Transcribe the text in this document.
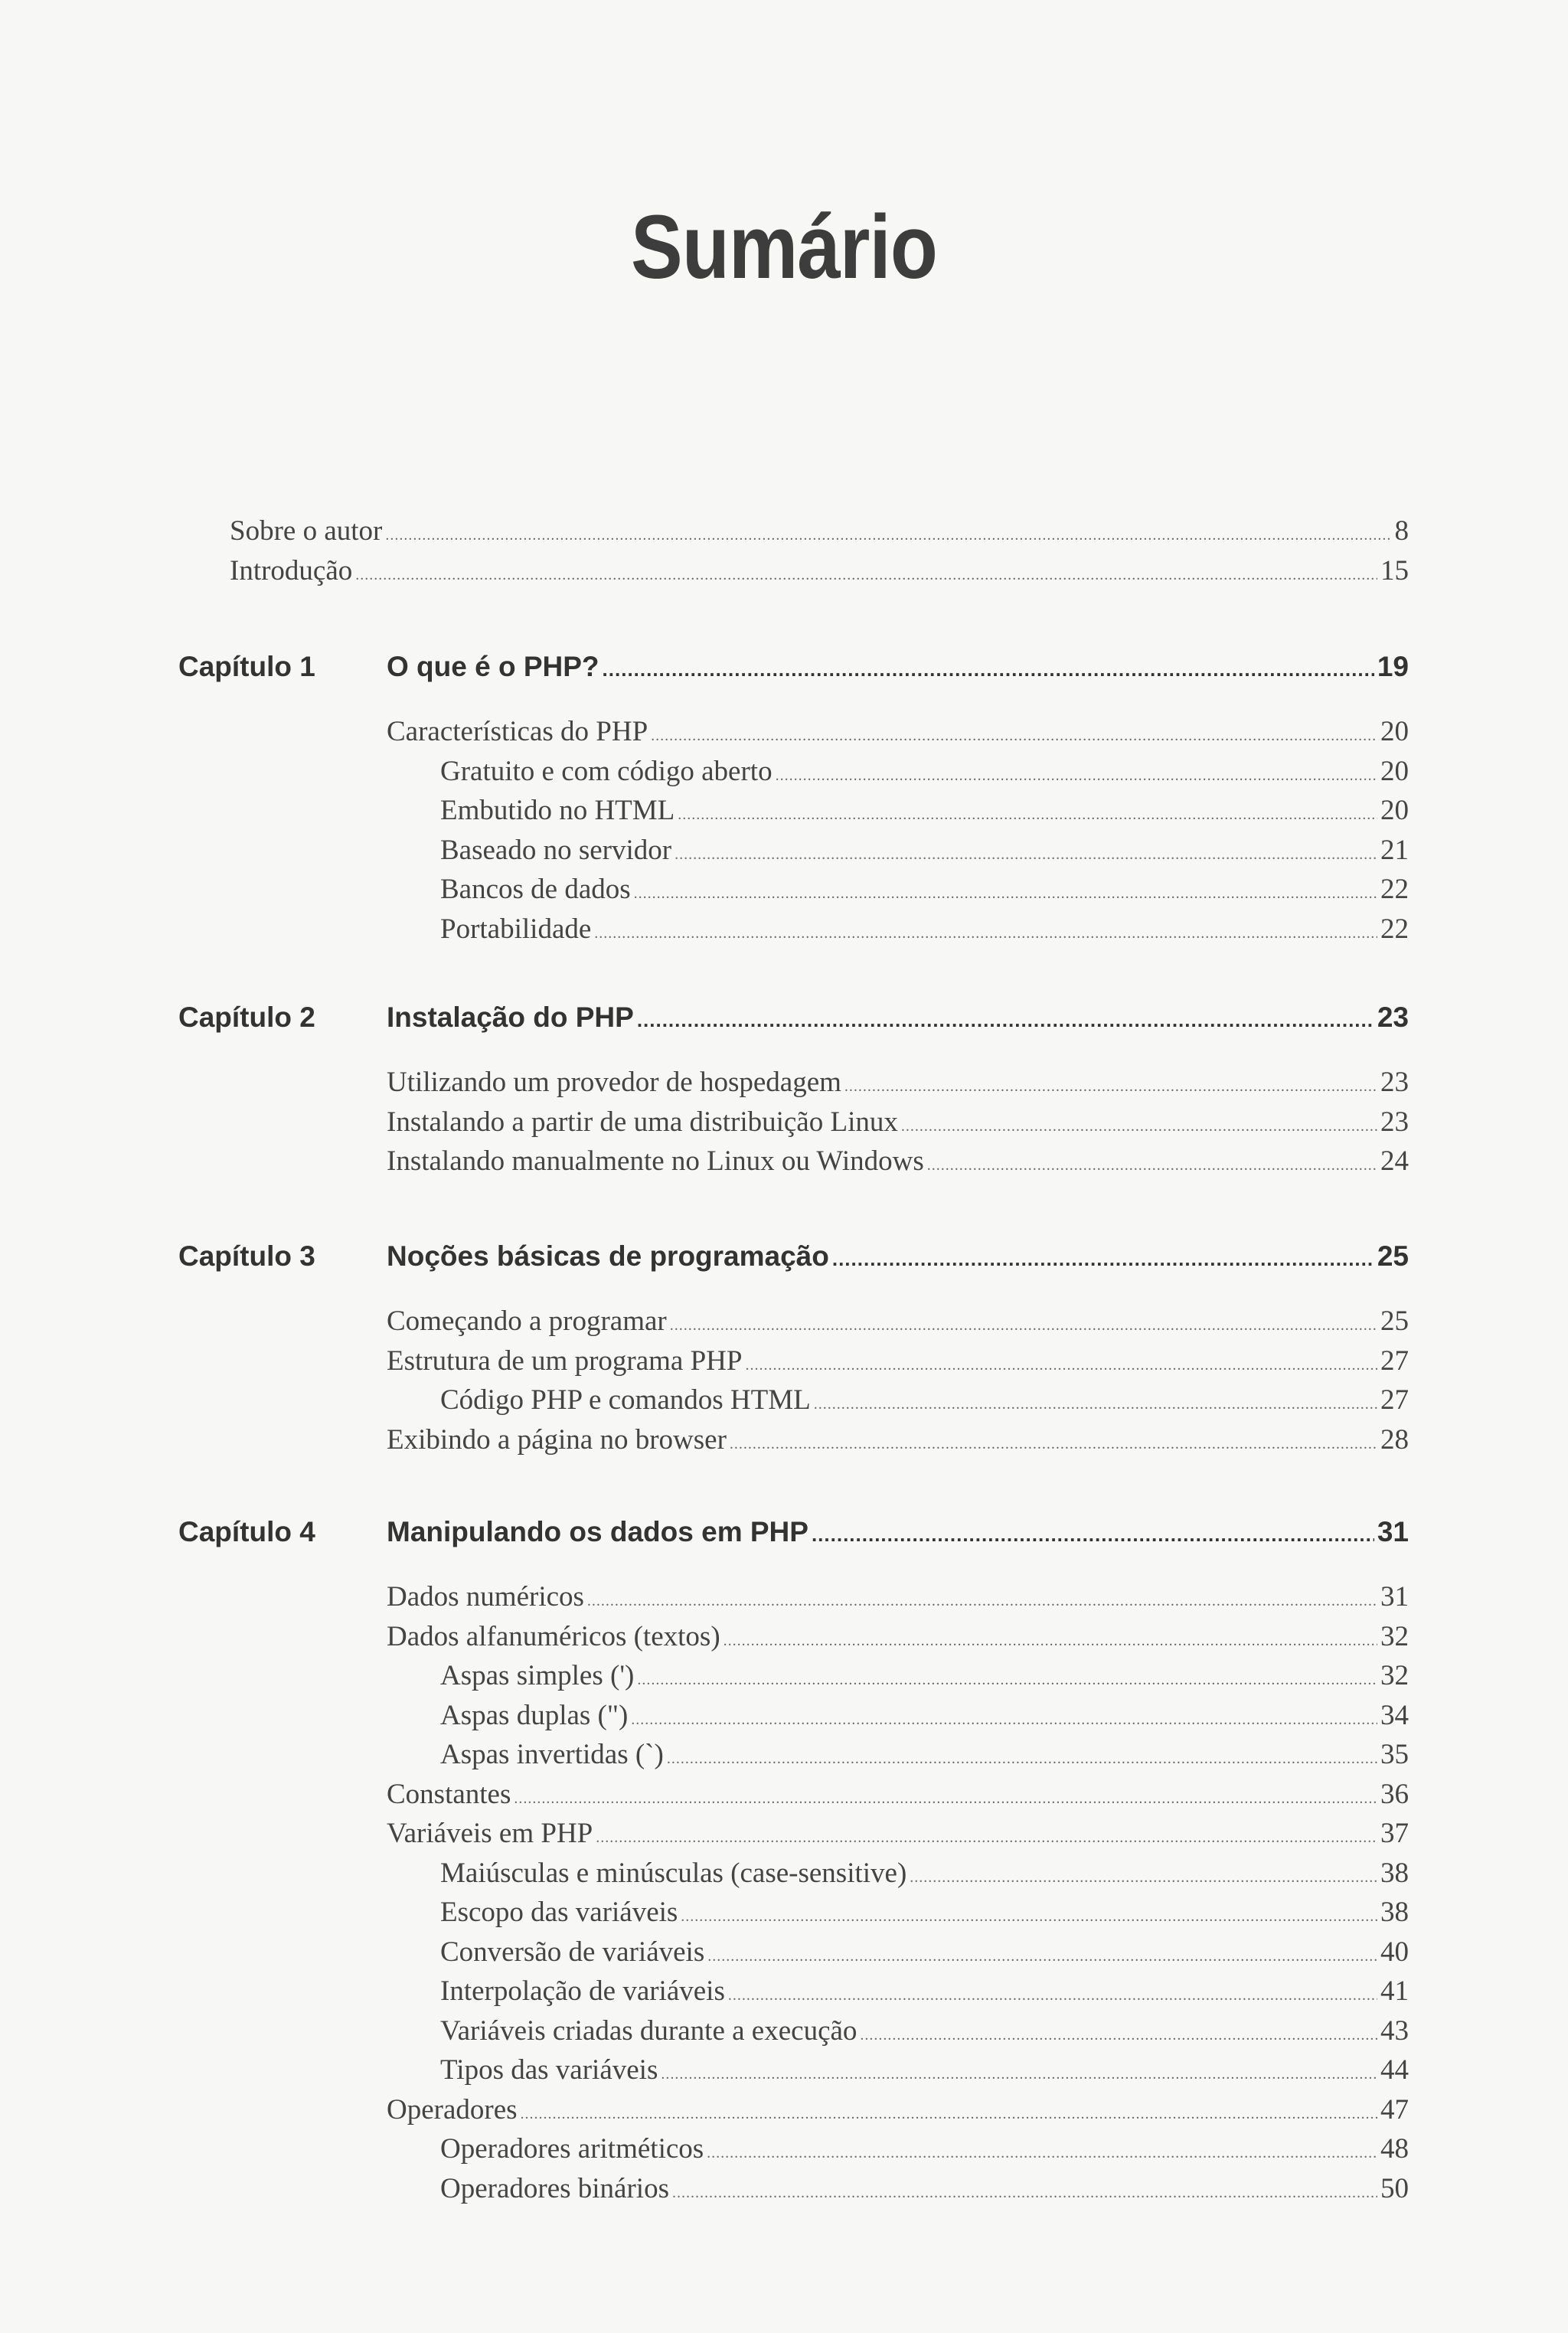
Sumário
Sobre o autor .....	8
Introdução .....	15
Capítulo 1	O que é o PHP? .....	19
Características do PHP .....	20
Gratuito e com código aberto .....	20
Embutido no HTML .....	20
Baseado no servidor .....	21
Bancos de dados .....	22
Portabilidade .....	22
Capítulo 2	Instalação do PHP .....	23
Utilizando um provedor de hospedagem .....	23
Instalando a partir de uma distribuição Linux .....	23
Instalando manualmente no Linux ou Windows .....	24
Capítulo 3	Noções básicas de programação .....	25
Começando a programar .....	25
Estrutura de um programa PHP .....	27
Código PHP e comandos HTML .....	27
Exibindo a página no browser .....	28
Capítulo 4	Manipulando os dados em PHP .....	31
Dados numéricos .....	31
Dados alfanuméricos (textos) .....	32
Aspas simples (') .....	32
Aspas duplas (") .....	34
Aspas invertidas (`) .....	35
Constantes .....	36
Variáveis em PHP .....	37
Maiúsculas e minúsculas (case-sensitive) .....	38
Escopo das variáveis .....	38
Conversão de variáveis .....	40
Interpolação de variáveis .....	41
Variáveis criadas durante a execução .....	43
Tipos das variáveis .....	44
Operadores .....	47
Operadores aritméticos .....	48
Operadores binários .....	50
